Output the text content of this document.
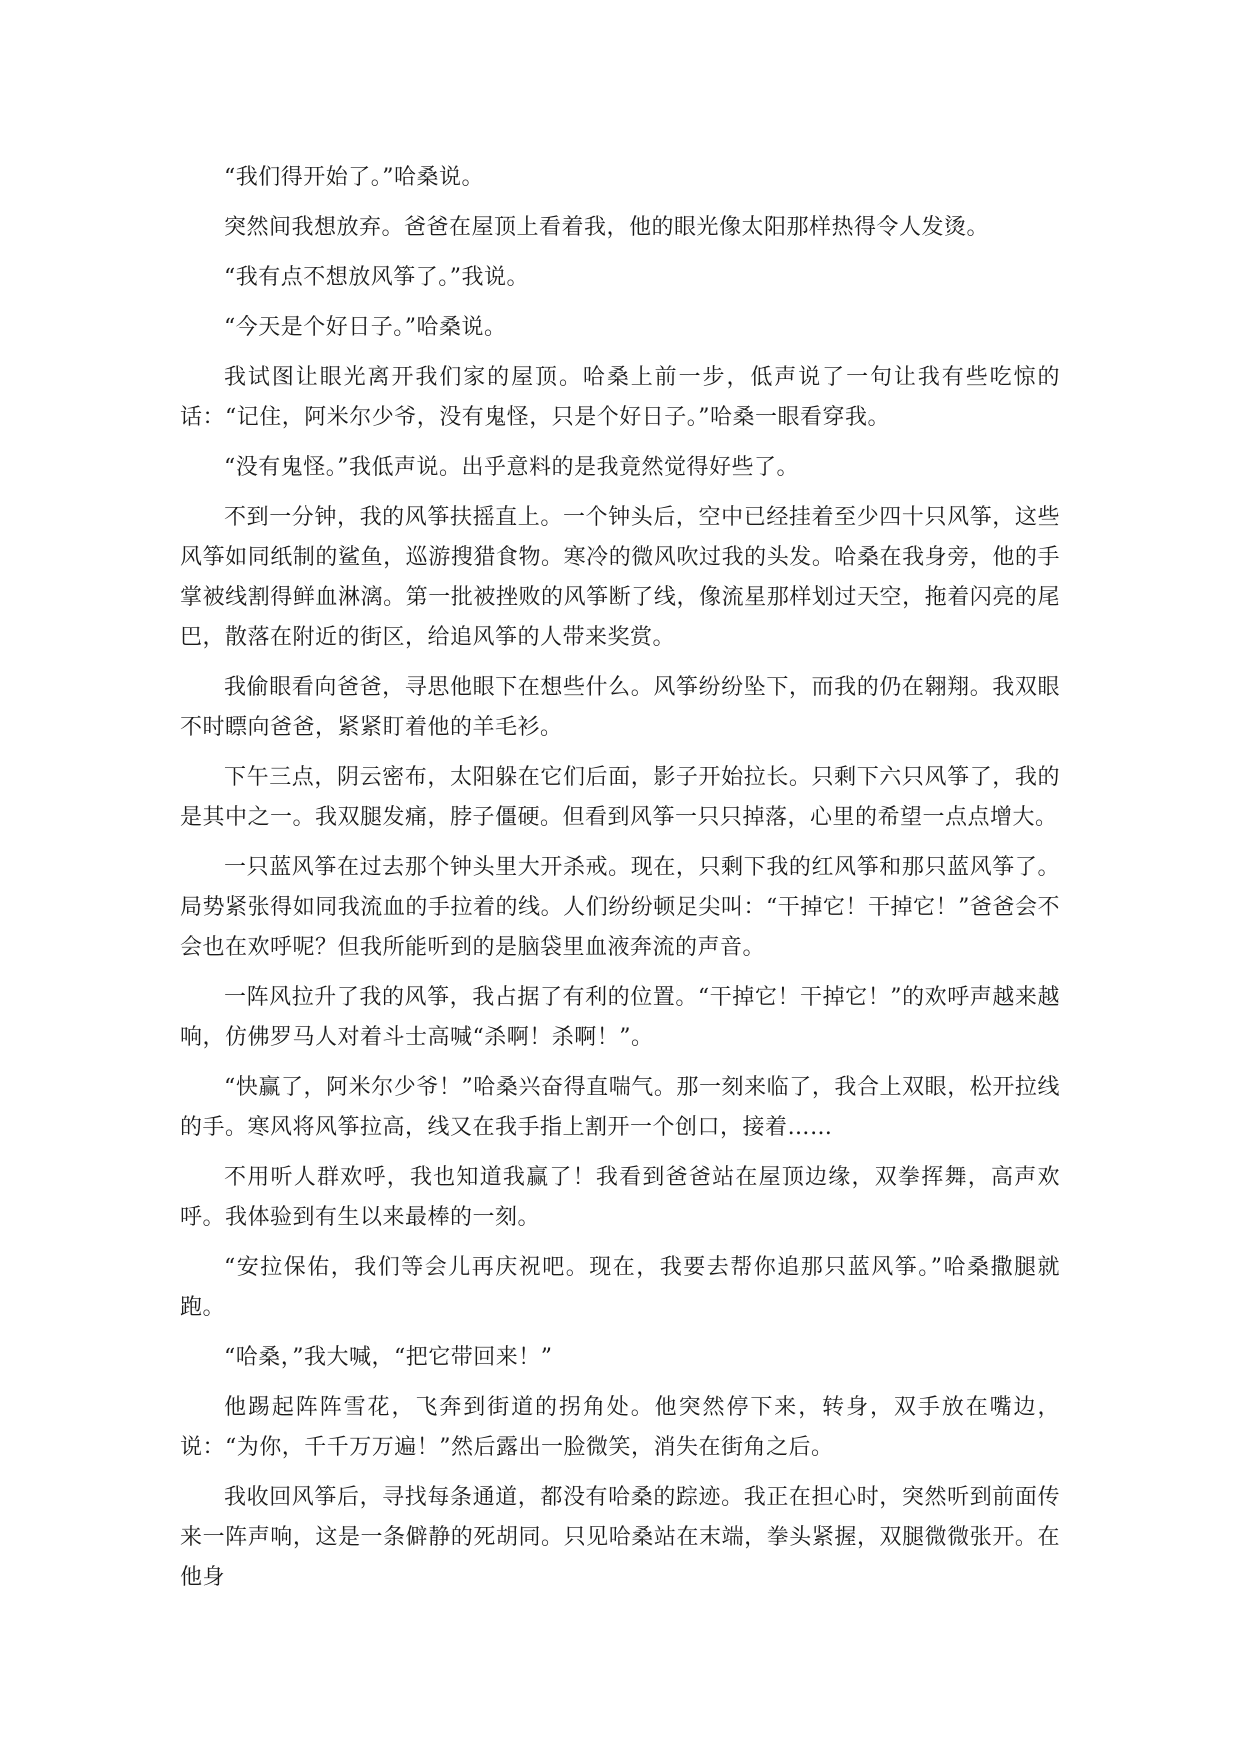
“我们得开始了。”哈桑说。

突然间我想放弃。爸爸在屋顶上看着我，他的眼光像太阳那样热得令人发烫。

“我有点不想放风筝了。”我说。

“今天是个好日子。”哈桑说。

我试图让眼光离开我们家的屋顶。哈桑上前一步，低声说了一句让我有些吃惊的话：“记住，阿米尔少爷，没有鬼怪，只是个好日子。”哈桑一眼看穿我。

“没有鬼怪。”我低声说。出乎意料的是我竟然觉得好些了。

不到一分钟，我的风筝扶摇直上。一个钟头后，空中已经挂着至少四十只风筝，这些风筝如同纸制的鲨鱼，巡游搜猎食物。寒冷的微风吹过我的头发。哈桑在我身旁，他的手掌被线割得鲜血淋漓。第一批被挫败的风筝断了线，像流星那样划过天空，拖着闪亮的尾巴，散落在附近的街区，给追风筝的人带来奖赏。

我偷眼看向爸爸，寻思他眼下在想些什么。风筝纷纷坠下，而我的仍在翱翔。我双眼不时瞟向爸爸，紧紧盯着他的羊毛衫。

下午三点，阴云密布，太阳躲在它们后面，影子开始拉长。只剩下六只风筝了，我的是其中之一。我双腿发痛，脖子僵硬。但看到风筝一只只掉落，心里的希望一点点增大。

一只蓝风筝在过去那个钟头里大开杀戒。现在，只剩下我的红风筝和那只蓝风筝了。局势紧张得如同我流血的手拉着的线。人们纷纷顿足尖叫：“干掉它！干掉它！”爸爸会不会也在欢呼呢？但我所能听到的是脑袋里血液奔流的声音。

一阵风拉升了我的风筝，我占据了有利的位置。“干掉它！干掉它！”的欢呼声越来越响，仿佛罗马人对着斗士高喊“杀啊！杀啊！”。

“快赢了，阿米尔少爷！”哈桑兴奋得直喘气。那一刻来临了，我合上双眼，松开拉线的手。寒风将风筝拉高，线又在我手指上割开一个创口，接着……

不用听人群欢呼，我也知道我赢了！我看到爸爸站在屋顶边缘，双拳挥舞，高声欢呼。我体验到有生以来最棒的一刻。

“安拉保佑，我们等会儿再庆祝吧。现在，我要去帮你追那只蓝风筝。”哈桑撒腿就跑。

“哈桑，”我大喊，“把它带回来！”

他踢起阵阵雪花，飞奔到街道的拐角处。他突然停下来，转身，双手放在嘴边，说：“为你，千千万万遍！”然后露出一脸微笑，消失在街角之后。

我收回风筝后，寻找每条通道，都没有哈桑的踪迹。我正在担心时，突然听到前面传来一阵声响，这是一条僻静的死胡同。只见哈桑站在末端，拳头紧握，双腿微微张开。在他身
